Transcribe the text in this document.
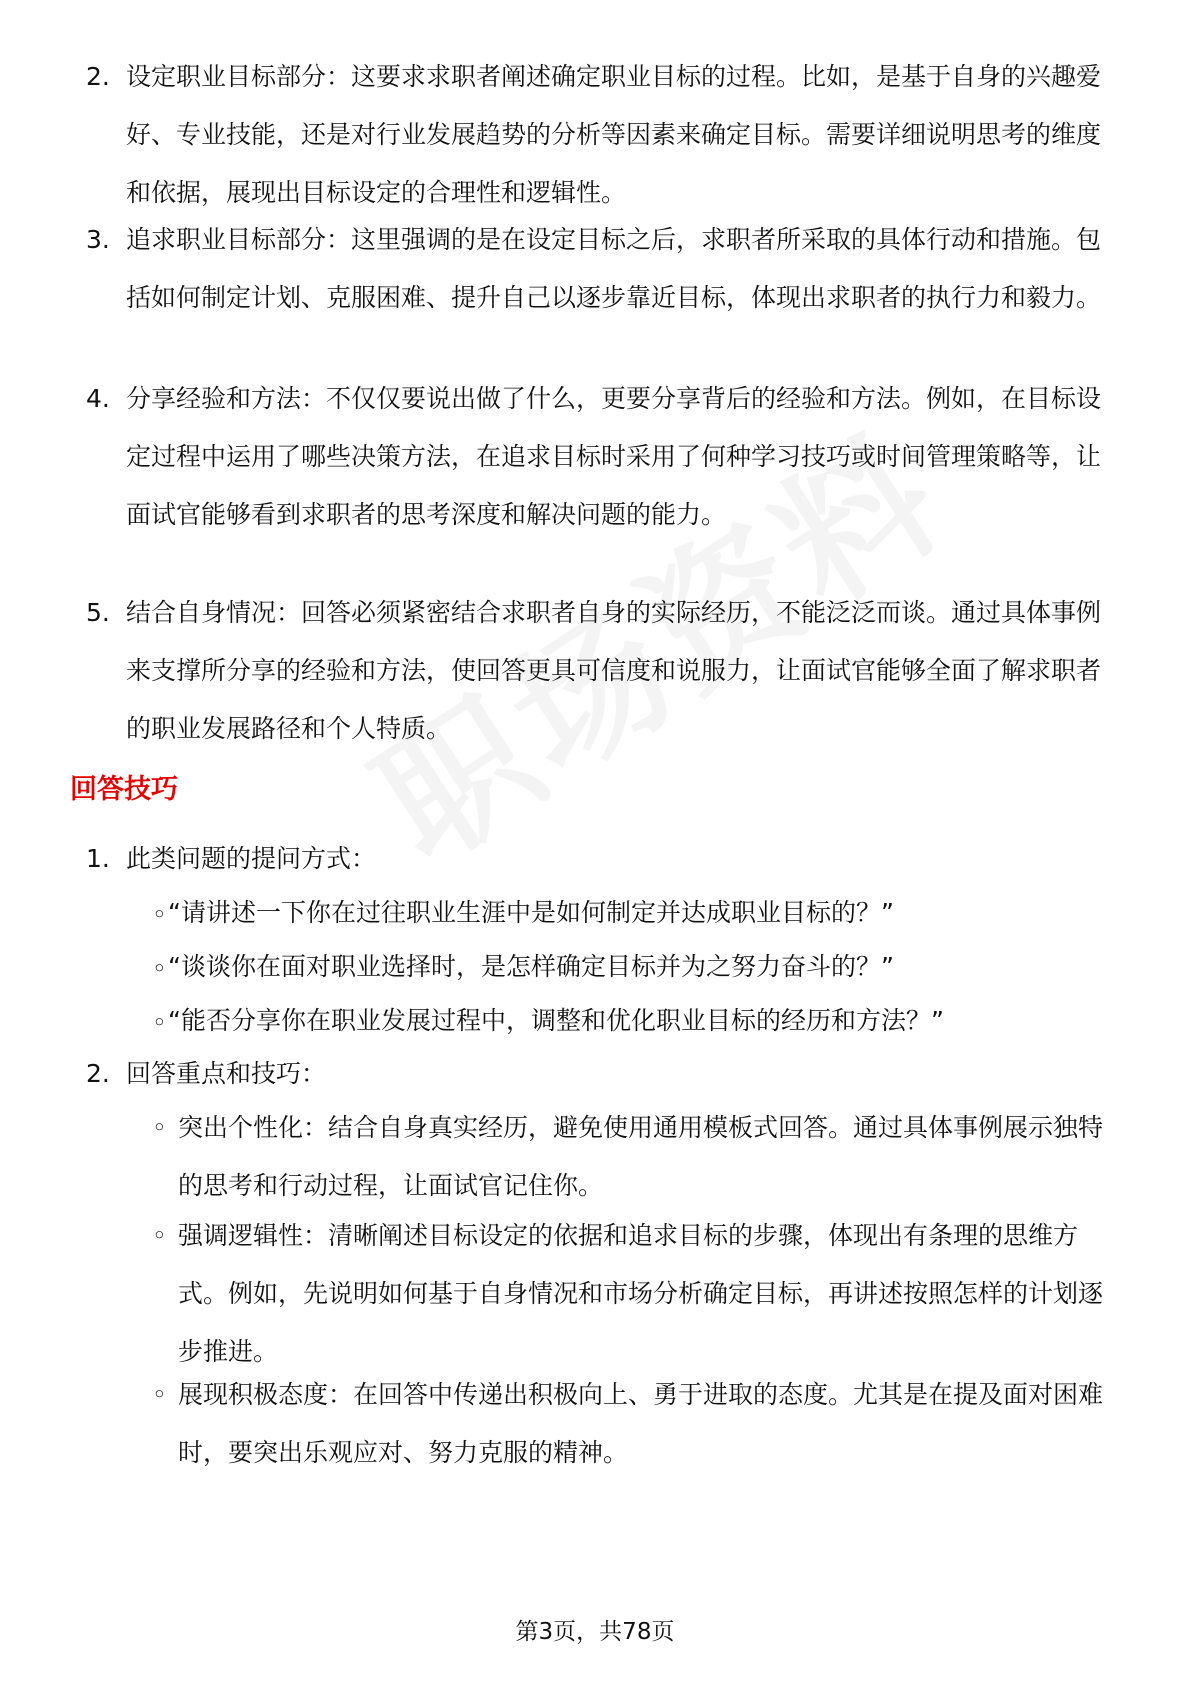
2. 设定职业目标部分：这要求求职者阐述确定职业目标的过程。比如，是基于自身的兴趣爱好、专业技能，还是对行业发展趋势的分析等因素来确定目标。需要详细说明思考的维度和依据，展现出目标设定的合理性和逻辑性。
3. 追求职业目标部分：这里强调的是在设定目标之后，求职者所采取的具体行动和措施。包括如何制定计划、克服困难、提升自己以逐步靠近目标，体现出求职者的执行力和毅力。
4. 分享经验和方法：不仅仅要说出做了什么，更要分享背后的经验和方法。例如，在目标设定过程中运用了哪些决策方法，在追求目标时采用了何种学习技巧或时间管理策略等，让面试官能够看到求职者的思考深度和解决问题的能力。
5. 结合自身情况：回答必须紧密结合求职者自身的实际经历，不能泛泛而谈。通过具体事例来支撑所分享的经验和方法，使回答更具可信度和说服力，让面试官能够全面了解求职者的职业发展路径和个人特质。
回答技巧
1. 此类问题的提问方式：
◦ “请讲述一下你在过往职业生涯中是如何制定并达成职业目标的？”
◦ “谈谈你在面对职业选择时，是怎样确定目标并为之努力奋斗的？”
◦ “能否分享你在职业发展过程中，调整和优化职业目标的经历和方法？”
2. 回答重点和技巧：
◦ 突出个性化：结合自身真实经历，避免使用通用模板式回答。通过具体事例展示独特的思考和行动过程，让面试官记住你。
◦ 强调逻辑性：清晰阐述目标设定的依据和追求目标的步骤，体现出有条理的思维方式。例如，先说明如何基于自身情况和市场分析确定目标，再讲述按照怎样的计划逐步推进。
◦ 展现积极态度：在回答中传递出积极向上、勇于进取的态度。尤其是在提及面对困难时，要突出乐观应对、努力克服的精神。
第3页，共78页
